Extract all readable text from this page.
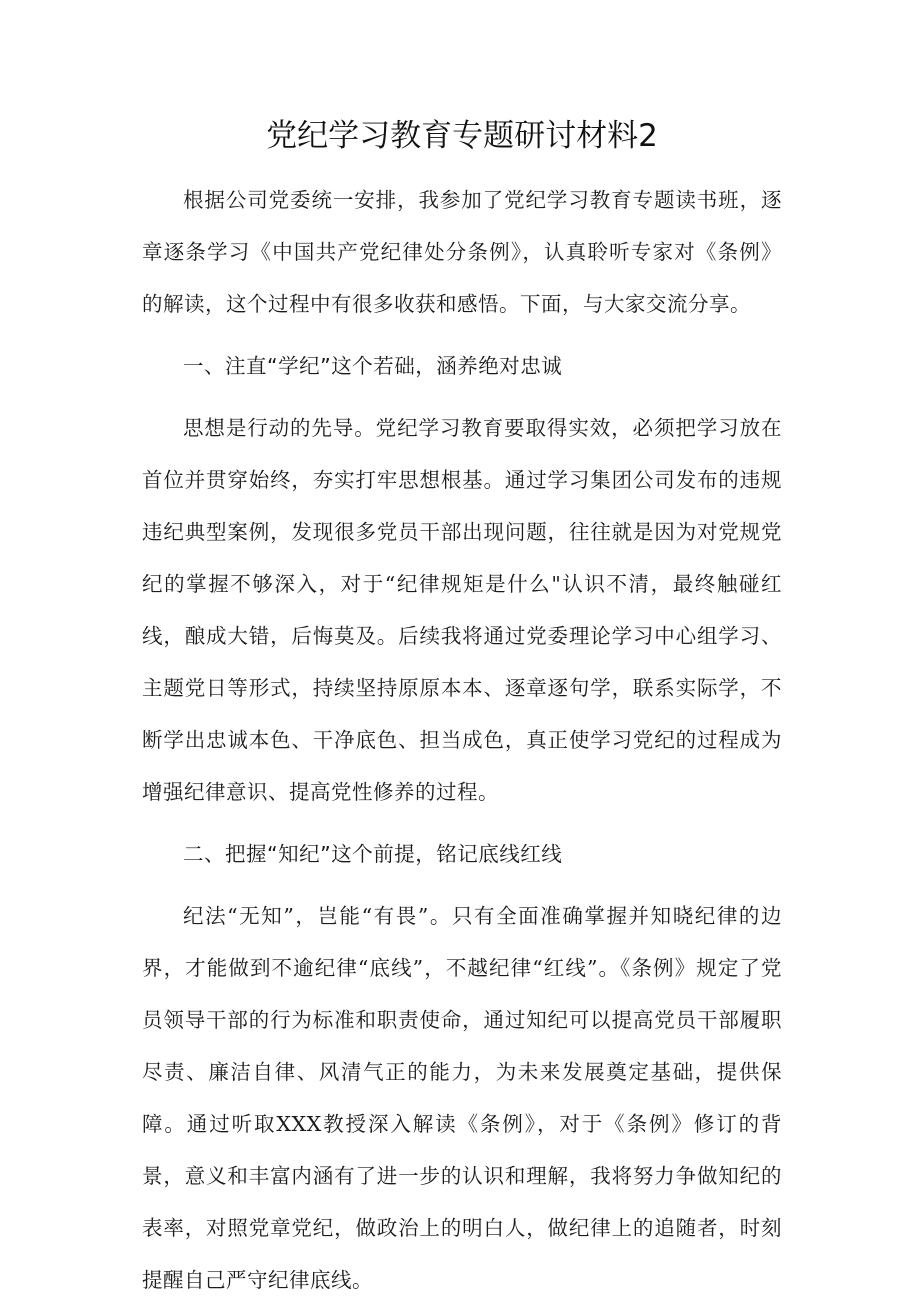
党纪学习教育专题研讨材料2

根据公司党委统一安排，我参加了党纪学习教育专题读书班，逐章逐条学习《中国共产党纪律处分条例》，认真聆听专家对《条例》的解读，这个过程中有很多收获和感悟。下面，与大家交流分享。

一、注直“学纪”这个若础，涵养绝对忠诚

思想是行动的先导。党纪学习教育要取得实效，必须把学习放在首位并贯穿始终，夯实打牢思想根基。通过学习集团公司发布的违规违纪典型案例，发现很多党员干部出现问题，往往就是因为对党规党纪的掌握不够深入，对于“纪律规矩是什么"认识不清，最终触碰红线，酿成大错，后悔莫及。后续我将通过党委理论学习中心组学习、主题党日等形式，持续坚持原原本本、逐章逐句学，联系实际学，不断学出忠诚本色、干净底色、担当成色，真正使学习党纪的过程成为增强纪律意识、提高党性修养的过程。

二、把握“知纪”这个前提，铭记底线红线

纪法“无知”，岂能“有畏”。只有全面准确掌握并知晓纪律的边界，才能做到不逾纪律“底线”，不越纪律“红线”。《条例》规定了党员领导干部的行为标准和职责使命，通过知纪可以提高党员干部履职尽责、廉洁自律、风清气正的能力，为未来发展奠定基础，提供保障。通过听取XXX教授深入解读《条例》，对于《条例》修订的背景，意义和丰富内涵有了进一步的认识和理解，我将努力争做知纪的表率，对照党章党纪，做政治上的明白人，做纪律上的追随者，时刻提醒自己严守纪律底线。
